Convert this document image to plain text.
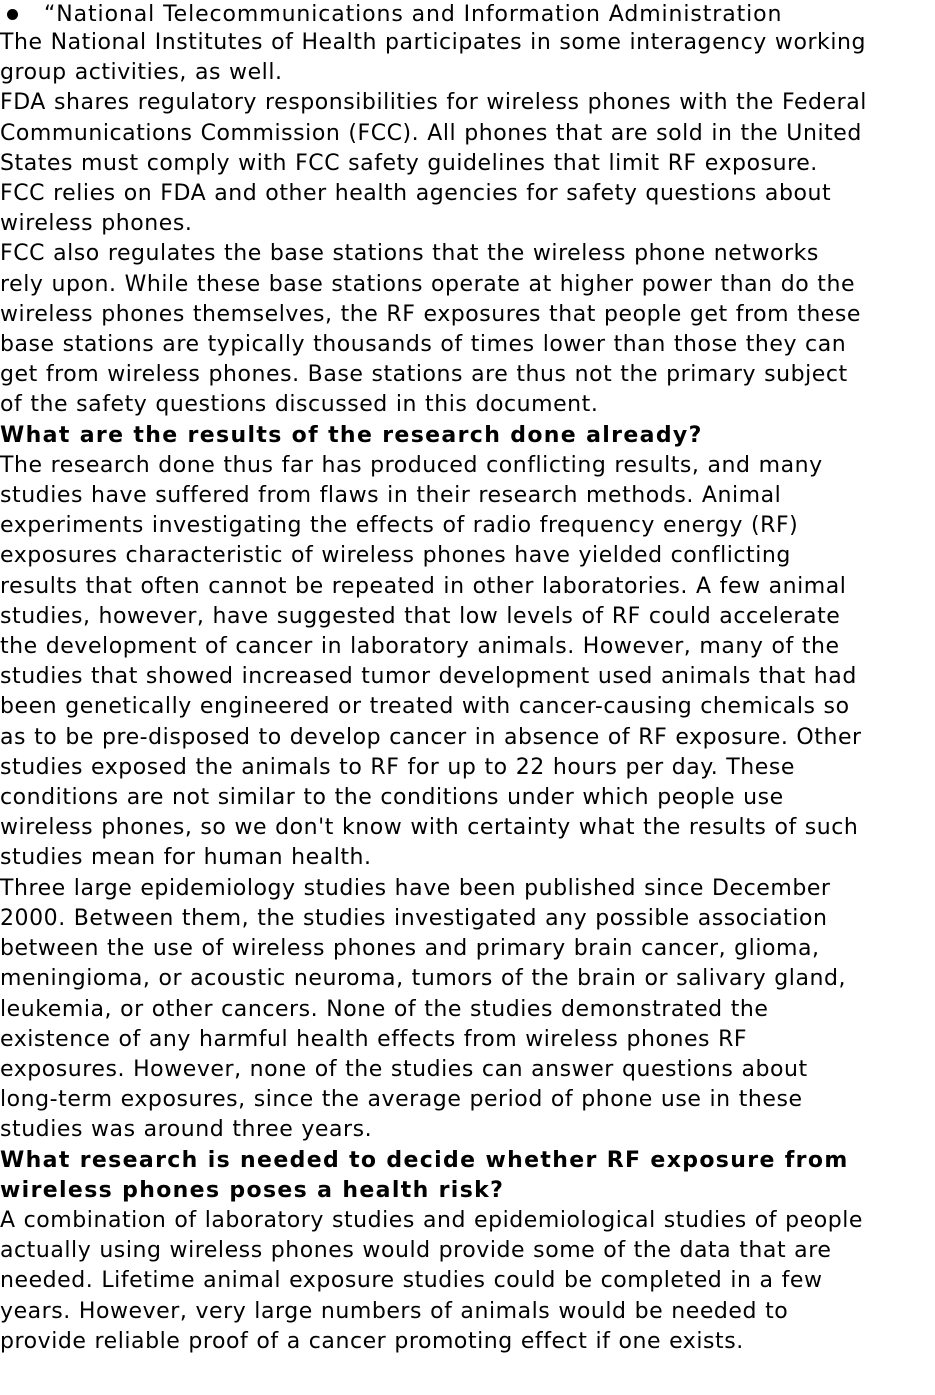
“National Telecommunications and Information Administration

The National Institutes of Health participates in some interagency working
group activities, as well.

FDA shares regulatory responsibilities for wireless phones with the Federal
Communications Commission (FCC). All phones that are sold in the United
States must comply with FCC safety guidelines that limit RF exposure.
FCC relies on FDA and other health agencies for safety questions about
wireless phones.

FCC also regulates the base stations that the wireless phone networks
rely upon. While these base stations operate at higher power than do the
wireless phones themselves, the RF exposures that people get from these
base stations are typically thousands of times lower than those they can
get from wireless phones. Base stations are thus not the primary subject
of the safety questions discussed in this document.

What are the results of the research done already?

The research done thus far has produced conflicting results, and many
studies have suffered from flaws in their research methods. Animal
experiments investigating the effects of radio frequency energy (RF)
exposures characteristic of wireless phones have yielded conflicting
results that often cannot be repeated in other laboratories. A few animal
studies, however, have suggested that low levels of RF could accelerate
the development of cancer in laboratory animals. However, many of the
studies that showed increased tumor development used animals that had
been genetically engineered or treated with cancer-causing chemicals so
as to be pre-disposed to develop cancer in absence of RF exposure. Other
studies exposed the animals to RF for up to 22 hours per day. These
conditions are not similar to the conditions under which people use
wireless phones, so we don't know with certainty what the results of such
studies mean for human health.

Three large epidemiology studies have been published since December
2000. Between them, the studies investigated any possible association
between the use of wireless phones and primary brain cancer, glioma,
meningioma, or acoustic neuroma, tumors of the brain or salivary gland,
leukemia, or other cancers. None of the studies demonstrated the
existence of any harmful health effects from wireless phones RF
exposures. However, none of the studies can answer questions about
long-term exposures, since the average period of phone use in these
studies was around three years.

What research is needed to decide whether RF exposure from
wireless phones poses a health risk?

A combination of laboratory studies and epidemiological studies of people
actually using wireless phones would provide some of the data that are
needed. Lifetime animal exposure studies could be completed in a few
years. However, very large numbers of animals would be needed to
provide reliable proof of a cancer promoting effect if one exists.
